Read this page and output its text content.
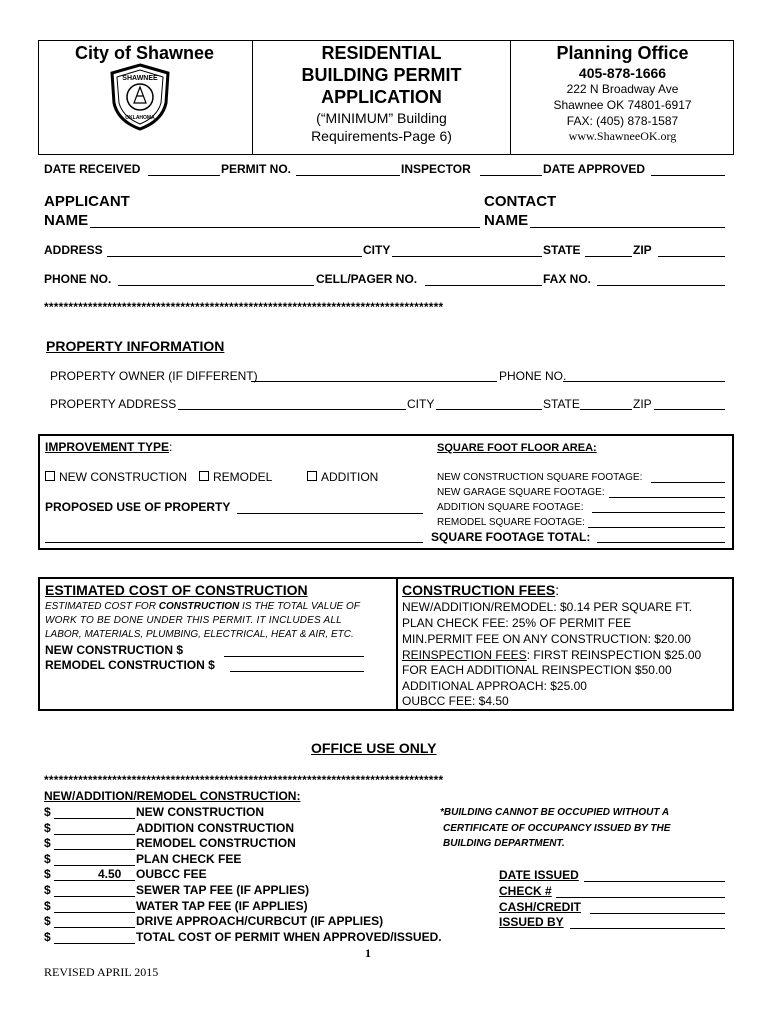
City of Shawnee
SHAWNEE
OKLAHOMA
RESIDENTIAL
BUILDING PERMIT
APPLICATION
(“MINIMUM” Building
Requirements-Page 6)
Planning Office
405-878-1666
222 N Broadway Ave
Shawnee OK 74801-6917
FAX: (405) 878-1587
www.ShawneeOK.org
DATE RECEIVED	PERMIT NO.	INSPECTOR	DATE APPROVED
APPLICANT
NAME
CONTACT
NAME
ADDRESS	CITY	STATE	ZIP
PHONE NO.	CELL/PAGER NO.	FAX NO.
**********************************************************************************
PROPERTY INFORMATION
PROPERTY OWNER (IF DIFFERENT)	PHONE NO.
PROPERTY ADDRESS	CITY	STATE	ZIP
IMPROVEMENT TYPE:	SQUARE FOOT FLOOR AREA:
NEW CONSTRUCTION	REMODEL	ADDITION	NEW CONSTRUCTION SQUARE FOOTAGE:
NEW GARAGE SQUARE FOOTAGE:
ADDITION SQUARE FOOTAGE:
REMODEL SQUARE FOOTAGE:
PROPOSED USE OF PROPERTY
SQUARE FOOTAGE TOTAL:
ESTIMATED COST OF CONSTRUCTION
ESTIMATED COST FOR CONSTRUCTION IS THE TOTAL VALUE OF
WORK TO BE DONE UNDER THIS PERMIT. IT INCLUDES ALL
LABOR, MATERIALS, PLUMBING, ELECTRICAL, HEAT & AIR, ETC.
NEW CONSTRUCTION $
REMODEL CONSTRUCTION $
CONSTRUCTION FEES:
NEW/ADDITION/REMODEL: $0.14 PER SQUARE FT.
PLAN CHECK FEE: 25% OF PERMIT FEE
MIN.PERMIT FEE ON ANY CONSTRUCTION: $20.00
REINSPECTION FEES: FIRST REINSPECTION $25.00
FOR EACH ADDITIONAL REINSPECTION $50.00
ADDITIONAL APPROACH: $25.00
OUBCC FEE: $4.50
OFFICE USE ONLY
**********************************************************************************
NEW/ADDITION/REMODEL CONSTRUCTION:
$	NEW CONSTRUCTION
$	ADDITION CONSTRUCTION
$	REMODEL CONSTRUCTION
$	PLAN CHECK FEE
$	4.50 OUBCC FEE
$	SEWER TAP FEE (IF APPLIES)
$	WATER TAP FEE (IF APPLIES)
$	DRIVE APPROACH/CURBCUT (IF APPLIES)
$	TOTAL COST OF PERMIT WHEN APPROVED/ISSUED.
*BUILDING CANNOT BE OCCUPIED WITHOUT A
CERTIFICATE OF OCCUPANCY ISSUED BY THE
BUILDING DEPARTMENT.
DATE ISSUED
CHECK #
CASH/CREDIT
ISSUED BY
1
REVISED APRIL 2015
